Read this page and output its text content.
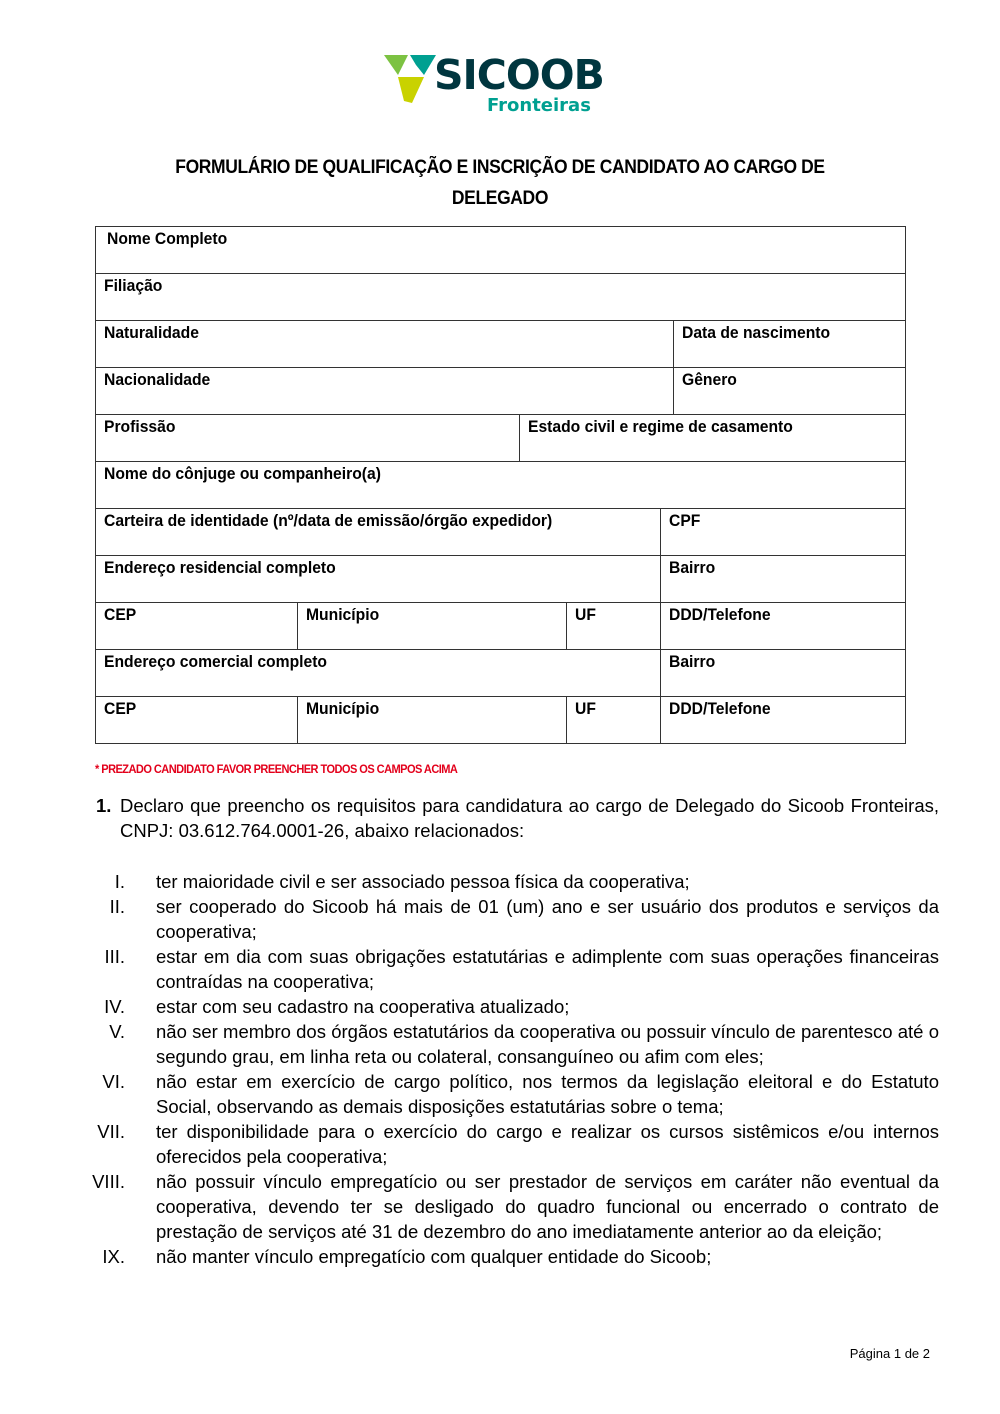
SICOOB
Fronteiras
FORMULÁRIO DE QUALIFICAÇÃO E INSCRIÇÃO DE CANDIDATO AO CARGO DE
DELEGADO
Nome Completo					
Filiação					
Naturalidade					Data de nascimento
Nacionalidade					Gênero
Profissão		Estado civil e regime de casamento			
Nome do cônjuge ou companheiro(a)					
Carteira de identidade (nº/data de emissão/órgão expedidor)				CPF	
Endereço residencial completo				Bairro	
CEP	Município		UF	DDD/Telefone	
Endereço comercial completo				Bairro	
CEP	Município		UF	DDD/Telefone	
* PREZADO CANDIDATO FAVOR PREENCHER TODOS OS CAMPOS ACIMA
1. Declaro que preencho os requisitos para candidatura ao cargo de Delegado do Sicoob Fronteiras, CNPJ: 03.612.764.0001-26, abaixo relacionados:
I. ter maioridade civil e ser associado pessoa física da cooperativa;
II. ser cooperado do Sicoob há mais de 01 (um) ano e ser usuário dos produtos e serviços da cooperativa;
III. estar em dia com suas obrigações estatutárias e adimplente com suas operações financeiras contraídas na cooperativa;
IV. estar com seu cadastro na cooperativa atualizado;
V. não ser membro dos órgãos estatutários da cooperativa ou possuir vínculo de parentesco até o segundo grau, em linha reta ou colateral, consanguíneo ou afim com eles;
VI. não estar em exercício de cargo político, nos termos da legislação eleitoral e do Estatuto Social, observando as demais disposições estatutárias sobre o tema;
VII. ter disponibilidade para o exercício do cargo e realizar os cursos sistêmicos e/ou internos oferecidos pela cooperativa;
VIII. não possuir vínculo empregatício ou ser prestador de serviços em caráter não eventual da cooperativa, devendo ter se desligado do quadro funcional ou encerrado o contrato de prestação de serviços até 31 de dezembro do ano imediatamente anterior ao da eleição;
IX. não manter vínculo empregatício com qualquer entidade do Sicoob;
Página 1 de 2
